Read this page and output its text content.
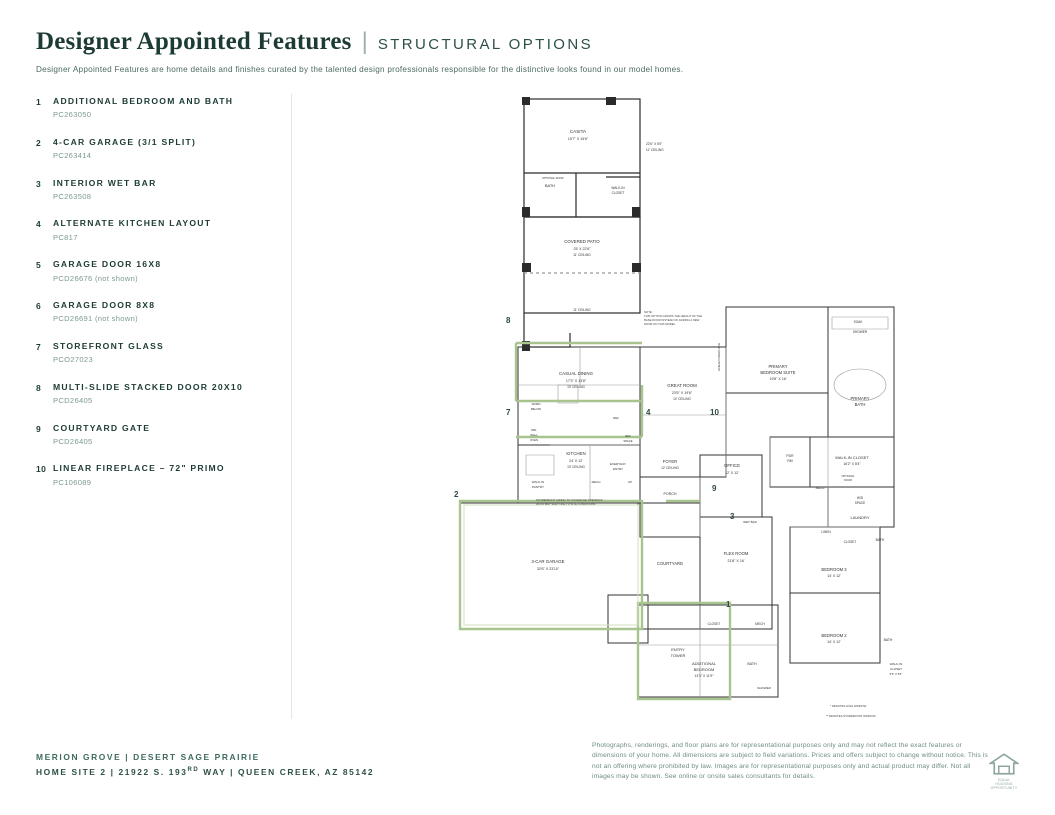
Designer Appointed Features | STRUCTURAL OPTIONS
Designer Appointed Features are home details and finishes curated by the talented design professionals responsible for the distinctive looks found in our model homes.
1	ADDITIONAL BEDROOM AND BATH
PC263050
2	4-CAR GARAGE (3/1 SPLIT)
PC263414
3	INTERIOR WET BAR
PC263508
4	ALTERNATE KITCHEN LAYOUT
PC817
5	GARAGE DOOR 16X8
PCD26676 (not shown)
6	GARAGE DOOR 8X8
PCD26691 (not shown)
7	STOREFRONT GLASS
PCO27023
8	MULTI-SLIDE STACKED DOOR 20X10
PCD26405
9	COURTYARD GATE
PCD26405
10 LINEAR FIREPLACE – 72" PRIMO
PC106089
8
7	4	10
2
3
1
9
CASITA
15'7" X 15'6"
BATH	WALK-IN
CLOSET
22'6" X 5'0"
11' CEILING
OPTIONAL DOOR
COVERED PATIO
25' X 22'6"
11' CEILING
11' CEILING
CASUAL DINING
17'3" X 13'8"
10' CEILING	GREAT ROOM
23'5" X 19'6"
10' CEILING
PRIMARY
BEDROOM SUITE
19'8" X 16'
PRIMARY
BATH
SHOWER
SOAK
KITCHEN
24' X 12'
10' CEILING
WALK-IN
PANTRY
WORD
BELOW
DBL
WALL
OVEN
REF
REF
SPACE
EVERYDAY
ENTRY
MECH	UP
FOYER
12' CEILING
PORCH
OFFICE
12' X 12'
WALK-IN CLOSET
16'2" X 8'4"
PDR
RM
W/D
SPACE
LAUNDRY
MECH
OPTIONAL
DOOR
3-CAR GARAGE
32'6" X 23'10"
COURTYARD
FLEX ROOM
21'8" X 16'
BEDROOM 3
14' X 12'
BEDROOM 2
14' X 12'	BATH
WALK-IN
CLOSET
5'5" X 5'4"
LINEN
CLOSET	BATH
ENTRY
TOWER
CLOSET	MECH
ADDITIONAL
BEDROOM
13'3" X 11'9"
BATH
SHOWER
LINEAR FIREPLACE
WET BAR
NOTE:
THIS OPTION GROWS THE HEIGHT OF THE
BASE DOOR INSTEAD OF ADDING A NEW
DOOR ON THIS MODEL.
STOREFRONT HIDING TO COVERAGE OPENINGS
PATIO MAY VARY DUE TO SITE CONDITIONS.
* DENOTES HIGH WINDOW
** DENOTES STOREFRONT WINDOW
MERION GROVE | DESERT SAGE PRAIRIE
HOME SITE 2 | 21922 S. 193RD WAY | QUEEN CREEK, AZ 85142
Photographs, renderings, and floor plans are for representational purposes only and may not reflect the exact features or dimensions of your home. All dimensions are subject to field variations. Prices and offers subject to change without notice. This is not an offering where prohibited by law. Images are for representational purposes only and actual product may differ. Not all images may be shown. See online or onsite sales consultants for details.
EQUAL HOUSING OPPORTUNITY
